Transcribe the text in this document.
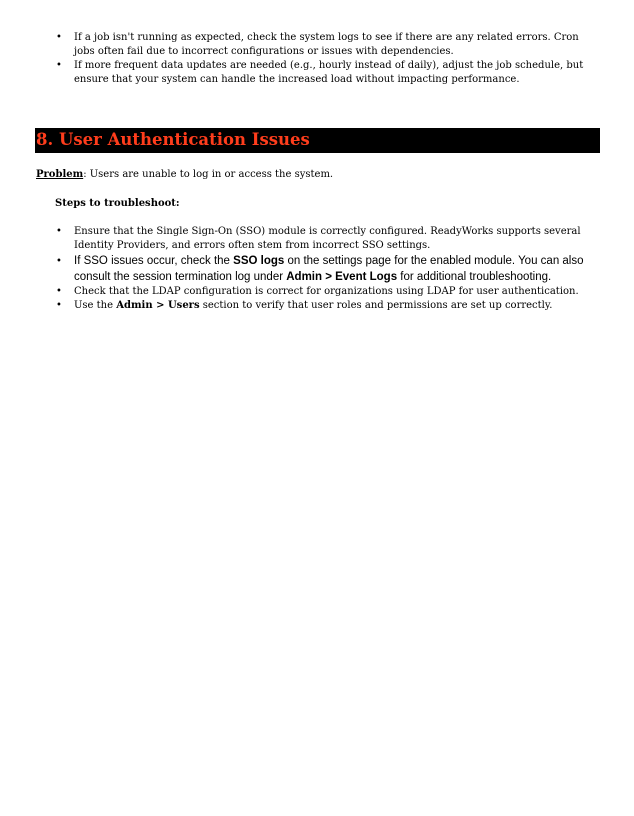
• If a job isn't running as expected, check the system logs to see if there are any related errors. Cron jobs often fail due to incorrect configurations or issues with dependencies.
• If more frequent data updates are needed (e.g., hourly instead of daily), adjust the job schedule, but ensure that your system can handle the increased load without impacting performance.
8. User Authentication Issues
Problem: Users are unable to log in or access the system.
Steps to troubleshoot:
• Ensure that the Single Sign-On (SSO) module is correctly configured. ReadyWorks supports several Identity Providers, and errors often stem from incorrect SSO settings.
• If SSO issues occur, check the SSO logs on the settings page for the enabled module. You can also consult the session termination log under Admin > Event Logs for additional troubleshooting.
• Check that the LDAP configuration is correct for organizations using LDAP for user authentication.
• Use the Admin > Users section to verify that user roles and permissions are set up correctly.
